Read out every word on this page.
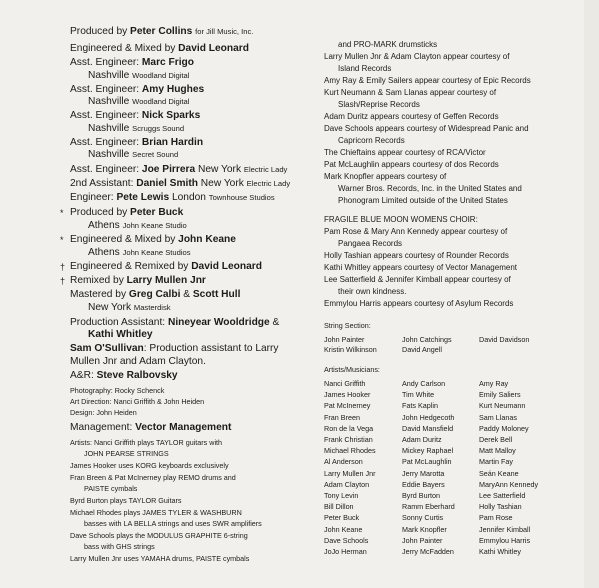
Produced by Peter Collins for Jill Music, Inc.
Engineered & Mixed by David Leonard
Asst. Engineer: Marc Frigo
Nashville Woodland Digital
Asst. Engineer: Amy Hughes
Nashville Woodland Digital
Asst. Engineer: Nick Sparks
Nashville Scruggs Sound
Asst. Engineer: Brian Hardin
Nashville Secret Sound
Asst. Engineer: Joe Pirrera New York Electric Lady
2nd Assistant: Daniel Smith New York Electric Lady
Engineer: Pete Lewis London Townhouse Studios
* Produced by Peter Buck
Athens John Keane Studio
* Engineered & Mixed by John Keane
Athens John Keane Studios
† Engineered & Remixed by David Leonard
† Remixed by Larry Mullen Jnr
Mastered by Greg Calbi & Scott Hull
New York Masterdisk
Production Assistant: Nineyear Wooldridge &
Kathi Whitley
Sam O'Sullivan: Production assistant to Larry
Mullen Jnr and Adam Clayton.
A&R: Steve Ralbovsky
Photography: Rocky Schenck
Art Direction: Nanci Griffith & John Heiden
Design: John Heiden
Management: Vector Management
Artists: Nanci Griffith plays TAYLOR guitars with
JOHN PEARSE STRINGS
James Hooker uses KORG keyboards exclusively
Fran Breen & Pat McInerney play REMO drums and
PAISTE cymbals
Byrd Burton plays TAYLOR Guitars
Michael Rhodes plays JAMES TYLER & WASHBURN
basses with LA BELLA strings and uses SWR amplifiers
Dave Schools plays the MODULUS GRAPHITE 6-string
bass with GHS strings
Larry Mullen Jnr uses YAMAHA drums, PAISTE cymbals
and PRO-MARK drumsticks
Larry Mullen Jnr & Adam Clayton appear courtesy of
Island Records
Amy Ray & Emily Sailers appear courtesy of Epic Records
Kurt Neumann & Sam Llanas appear courtesy of
Slash/Reprise Records
Adam Duritz appears courtesy of Geffen Records
Dave Schools appears courtesy of Widespread Panic and
Capricorn Records
The Chieftains appear courtesy of RCA/Victor
Pat McLaughlin appears courtesy of dos Records
Mark Knopfler appears courtesy of
Warner Bros. Records, Inc. in the United States and
Phonogram Limited outside of the United States
FRAGILE BLUE MOON WOMENS CHOIR:
Pam Rose & Mary Ann Kennedy appear courtesy of
Pangaea Records
Holly Tashian appears courtesy of Rounder Records
Kathi Whitley appears courtesy of Vector Management
Lee Satterfield & Jennifer Kimball appear courtesy of
their own kindness.
Emmylou Harris appears courtesy of Asylum Records
String Section:
John Painter	John Catchings	David Davidson
Kristin Wilkinson	David Angell
Artists/Musicians:
Nanci Griffith	Andy Carlson	Amy Ray
James Hooker	Tim White	Emily Saliers
Pat McInerney	Fats Kaplin	Kurt Neumann
Fran Breen	John Hedgecoth	Sam Llanas
Ron de la Vega	David Mansfield	Paddy Moloney
Frank Christian	Adam Duritz	Derek Bell
Michael Rhodes	Mickey Raphael	Matt Malloy
Al Anderson	Pat McLaughlin	Martin Fay
Larry Mullen Jnr	Jerry Marotta	Seán Keane
Adam Clayton	Eddie Bayers	MaryAnn Kennedy
Tony Levin	Byrd Burton	Lee Satterfield
Bill Dillon	Ramm Eberhard	Holly Tashian
Peter Buck	Sonny Curtis	Pam Rose
John Keane	Mark Knopfler	Jennifer Kimball
Dave Schools	John Painter	Emmylou Harris
JoJo Herman	Jerry McFadden	Kathi Whitley
